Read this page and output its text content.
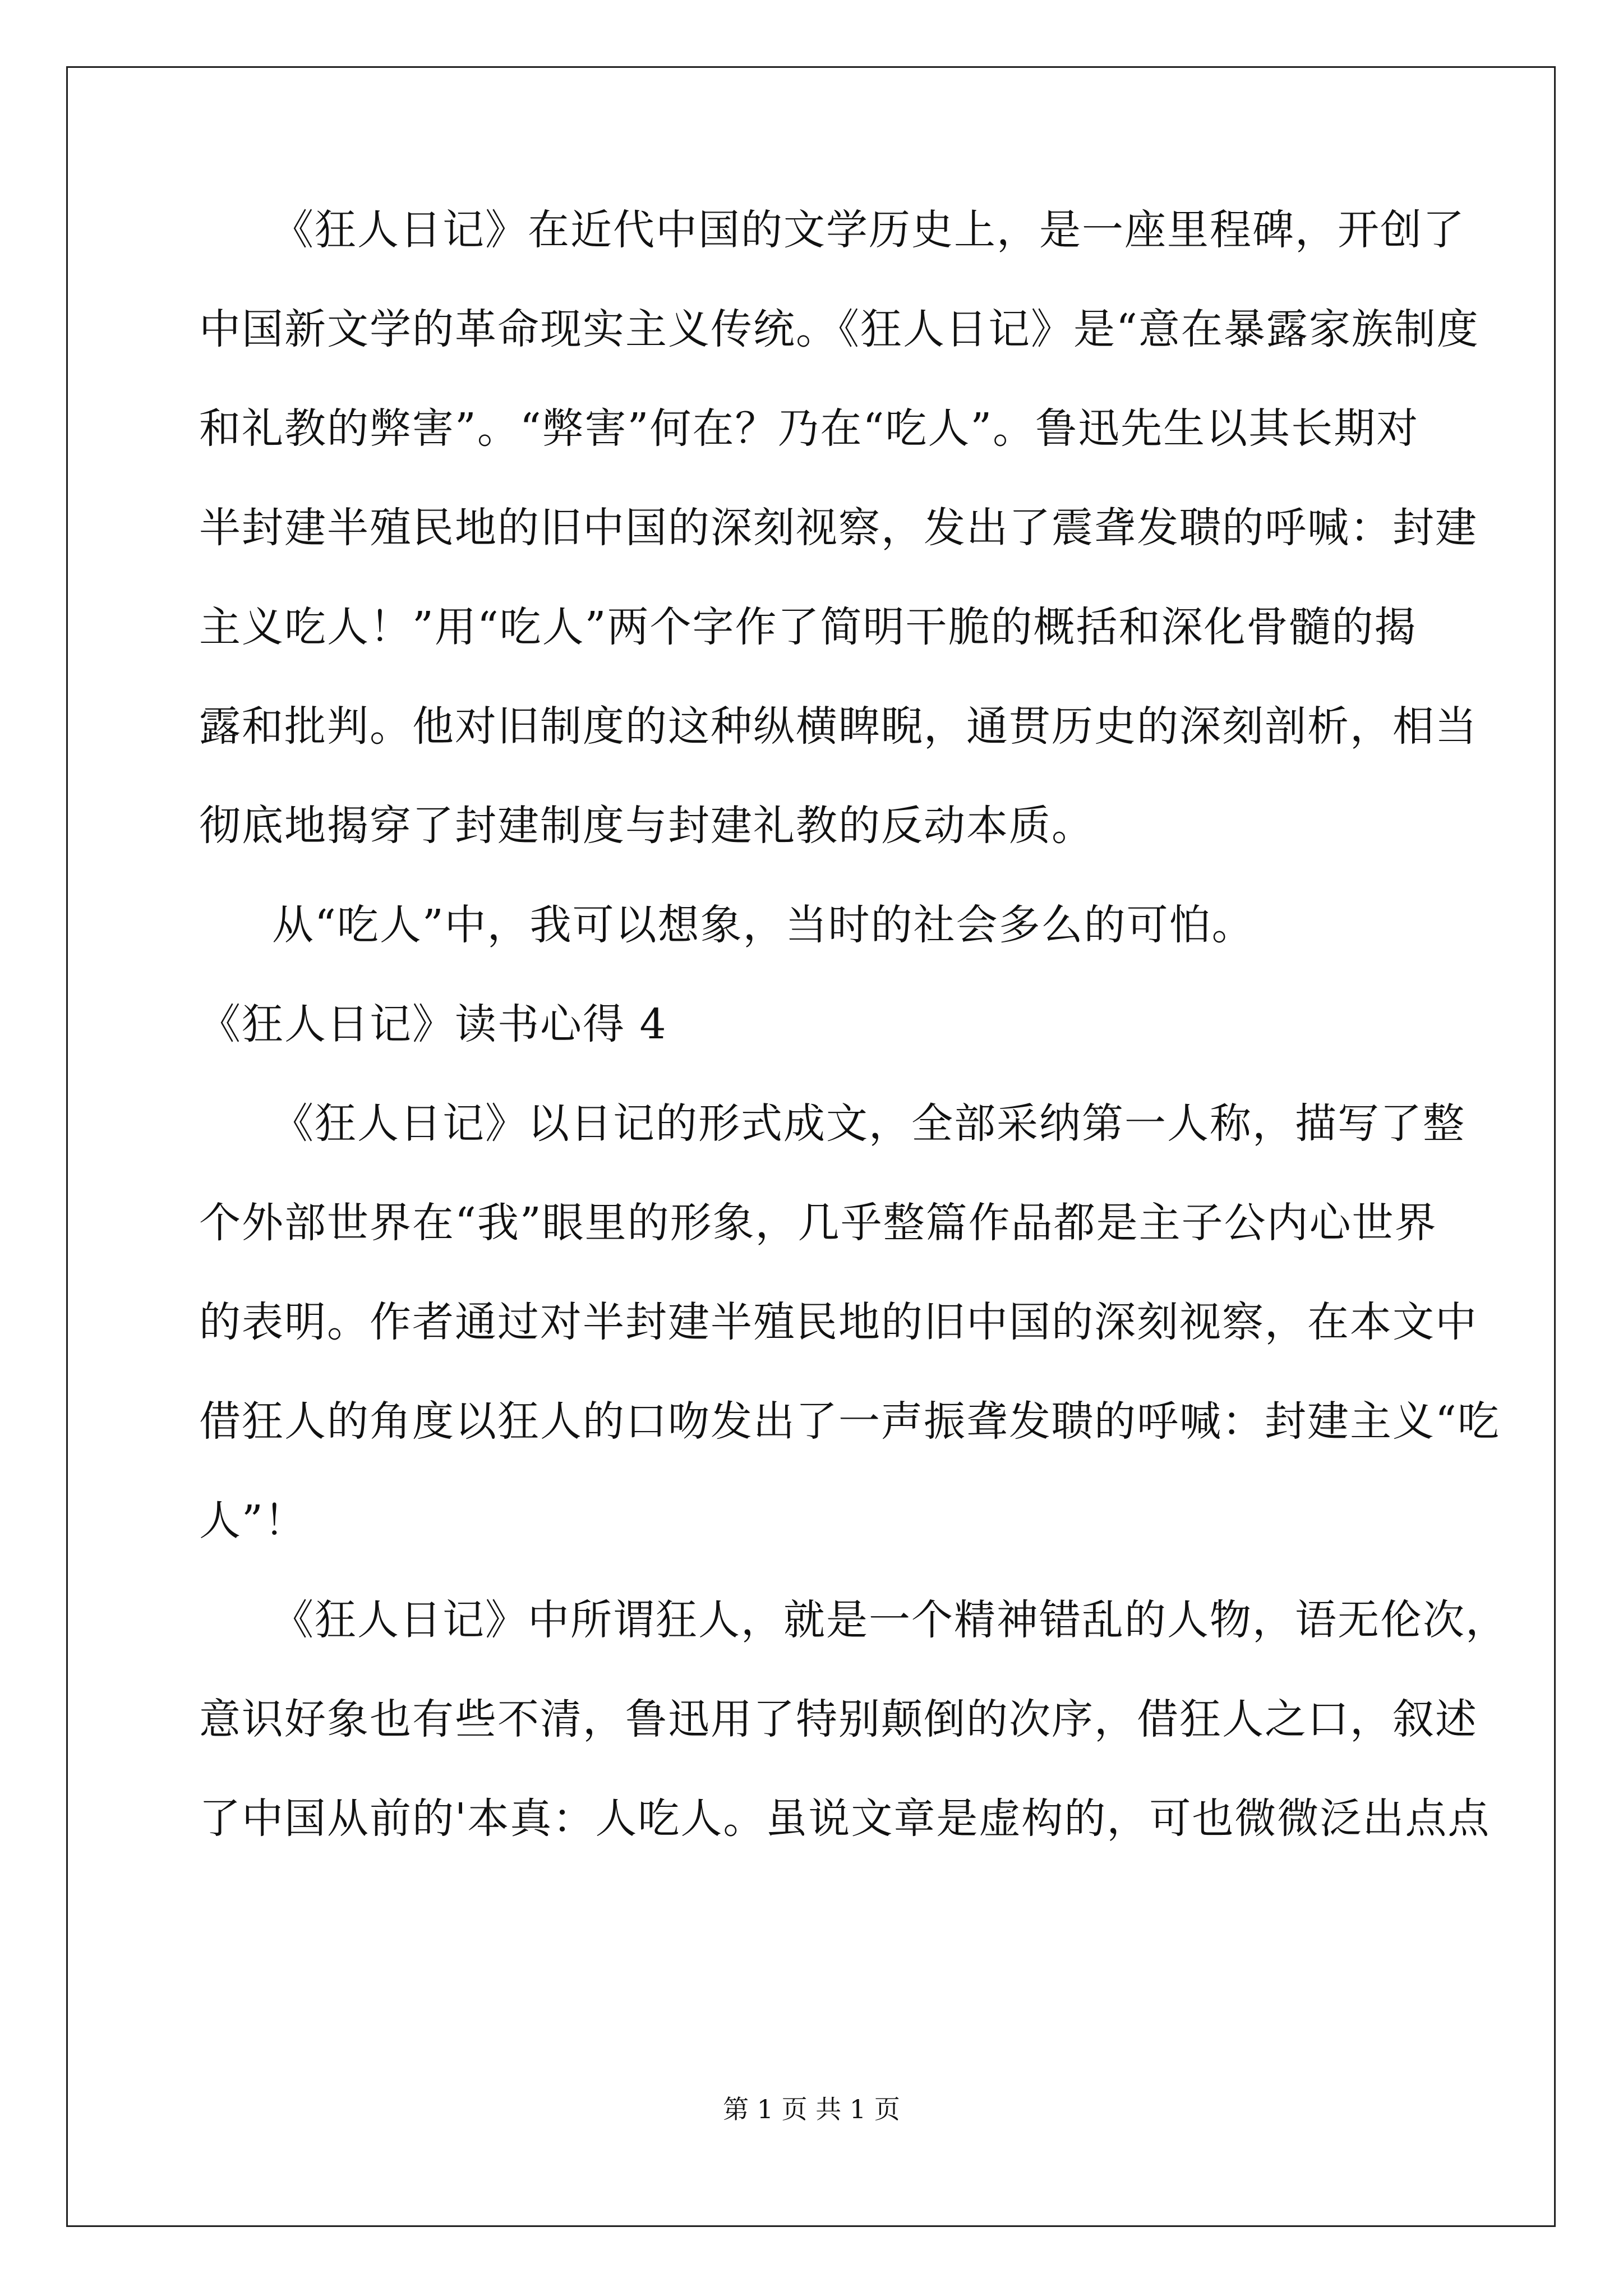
《狂人日记》在近代中国的文学历史上，是一座里程碑，开创了
中国新文学的革命现实主义传统。《狂人日记》是“意在暴露家族制度
和礼教的弊害”。“弊害”何在？乃在“吃人”。鲁迅先生以其长期对
半封建半殖民地的旧中国的深刻视察，发出了震聋发聩的呼喊：封建
主义吃人！”用“吃人”两个字作了简明干脆的概括和深化骨髓的揭
露和批判。他对旧制度的这种纵横睥睨，通贯历史的深刻剖析，相当
彻底地揭穿了封建制度与封建礼教的反动本质。
从“吃人”中，我可以想象，当时的社会多么的可怕。
《狂人日记》读书心得 4
《狂人日记》以日记的形式成文，全部采纳第一人称，描写了整
个外部世界在“我”眼里的形象，几乎整篇作品都是主子公内心世界
的表明。作者通过对半封建半殖民地的旧中国的深刻视察，在本文中
借狂人的角度以狂人的口吻发出了一声振聋发聩的呼喊：封建主义“吃
人”！
《狂人日记》中所谓狂人，就是一个精神错乱的人物，语无伦次，
意识好象也有些不清，鲁迅用了特别颠倒的次序，借狂人之口，叙述
了中国从前的'本真：人吃人。虽说文章是虚构的，可也微微泛出点点
第 1 页 共 1 页
